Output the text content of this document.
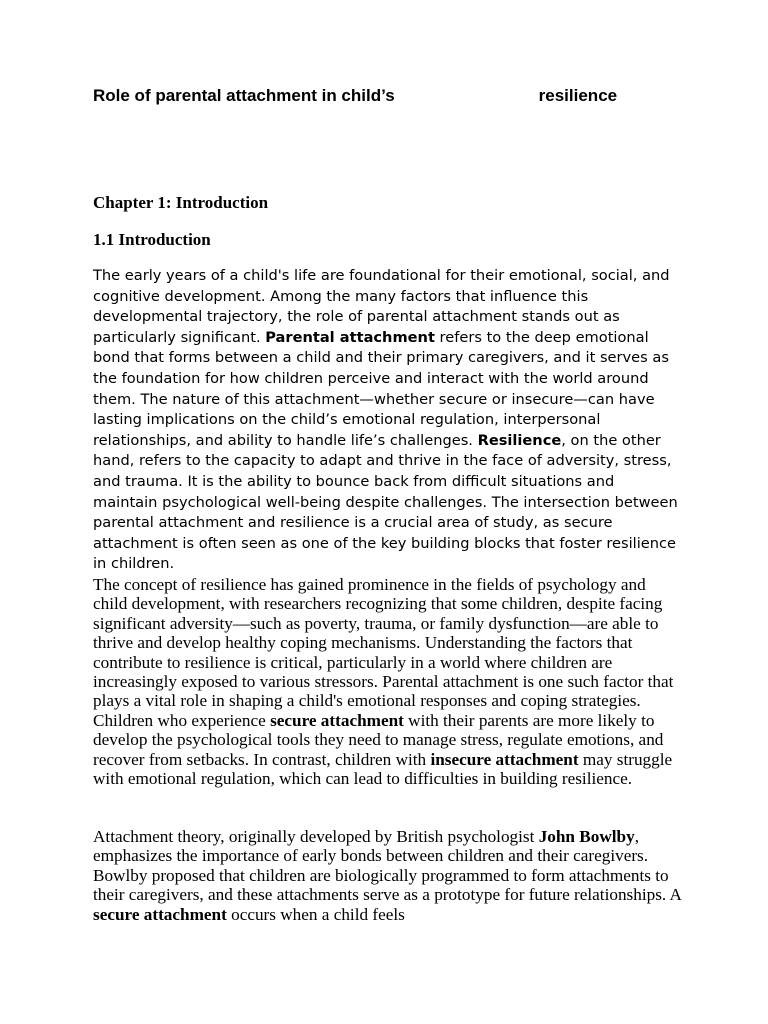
Role of parental attachment in child’s	resilience
Chapter 1: Introduction
1.1 Introduction

The early years of a child's life are foundational for their emotional, social, and cognitive development. Among the many factors that influence this developmental trajectory, the role of parental attachment stands out as particularly significant. Parental attachment refers to the deep emotional bond that forms between a child and their primary caregivers, and it serves as the foundation for how children perceive and interact with the world around them. The nature of this attachment—whether secure or insecure—can have lasting implications on the child’s emotional regulation, interpersonal relationships, and ability to handle life’s challenges. Resilience, on the other hand, refers to the capacity to adapt and thrive in the face of adversity, stress, and trauma. It is the ability to bounce back from difficult situations and maintain psychological well-being despite challenges. The intersection between parental attachment and resilience is a crucial area of study, as secure attachment is often seen as one of the key building blocks that foster resilience in children.

The concept of resilience has gained prominence in the fields of psychology and child development, with researchers recognizing that some children, despite facing significant adversity—such as poverty, trauma, or family dysfunction—are able to thrive and develop healthy coping mechanisms. Understanding the factors that contribute to resilience is critical, particularly in a world where children are increasingly exposed to various stressors. Parental attachment is one such factor that plays a vital role in shaping a child's emotional responses and coping strategies. Children who experience secure attachment with their parents are more likely to develop the psychological tools they need to manage stress, regulate emotions, and recover from setbacks. In contrast, children with insecure attachment may struggle with emotional regulation, which can lead to difficulties in building resilience.

Attachment theory, originally developed by British psychologist John Bowlby, emphasizes the importance of early bonds between children and their caregivers. Bowlby proposed that children are biologically programmed to form attachments to their caregivers, and these attachments serve as a prototype for future relationships. A secure attachment occurs when a child feels
